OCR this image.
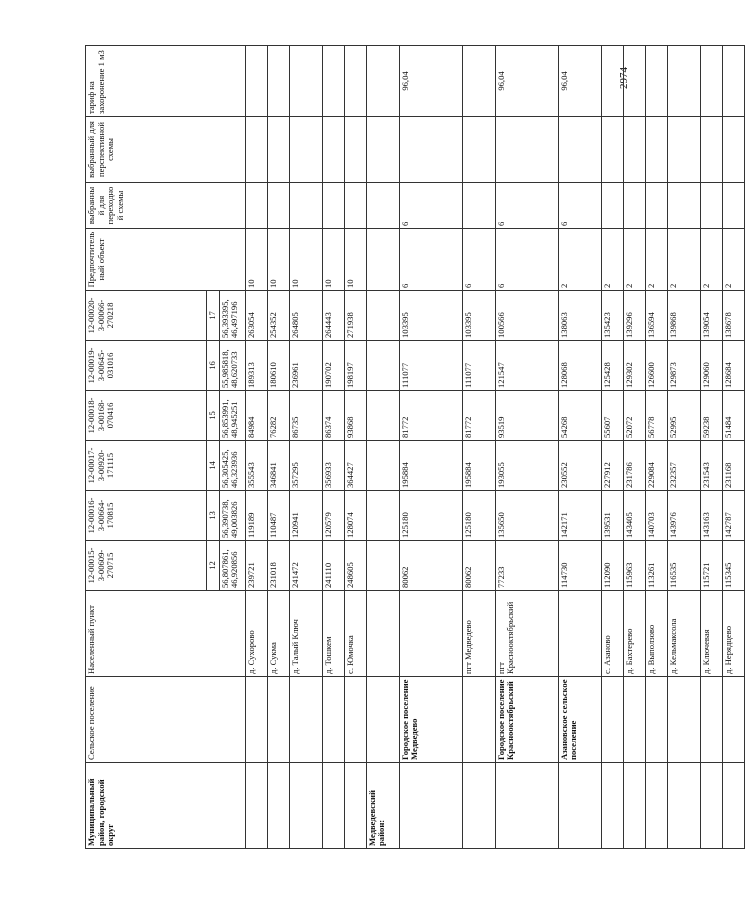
2974
Муниципальный район, городской округ	Сельское поселение	Населенный пункт	12-00015-З-00609-270715	12-00016-З-00664-170815	12-00017-З-00920-171115	12-00018-З-00168-070416	12-00019-З-00645-031016	12-00020-З-00066-270218	Предпочтительный объект	выбранный для переходной схемы	выбранный для перспективной схемы	тариф на захоронение 1 м3
			12	13	14	15	16	17				
			56,807861, 46,920856	56,390738, 49,003826	56,305425, 46,323936	56,853991, 48,945251	55,985818, 48,620733	56,393395, 46,497196				
		д. Сухорово	239721	119189	355543	84984	189313	263054	10			
		д. Сукма	231018	110487	346841	76282	180610	254352	10			
		д. Талый Ключ	241472	120941	357295	86735	236961	264805	10			
		д. Тошкем	241110	120579	356933	86374	190702	264443	10			
		с. Юмочка	248605	128074	364427	93868	198197	271938	10			
Медведевский район:												
	Городское поселение Медведево		80062	125180	195884	81772	111077	103395	6	6		96,04
		пгт Медведево	80062	125180	195884	81772	111077	103395	6			
	Городское поселение Краснооктябрьский	пгт Краснооктябрьский	77233	135650	193055	93519	121547	100566	6	6		96,04
	Азановское сельское поселение		114730	142171	230552	54268	128068	138063	2	6		96,04
		с. Азаново	112090	139531	227912	55607	125428	135423	2			
		д. Бахтерево	115963	143405	231786	52072	129302	139296	2			
		д. Выползово	113261	140703	229084	56778	126600	136594	2			
		д. Кельмаксола	116535	143976	232357	52995	129873	139868	2			
		д. Ключевая	115721	143163	231543	59238	129060	139054	2			
		д. Нерядцево	115345	142787	231168	51484	128684	138678	2			
